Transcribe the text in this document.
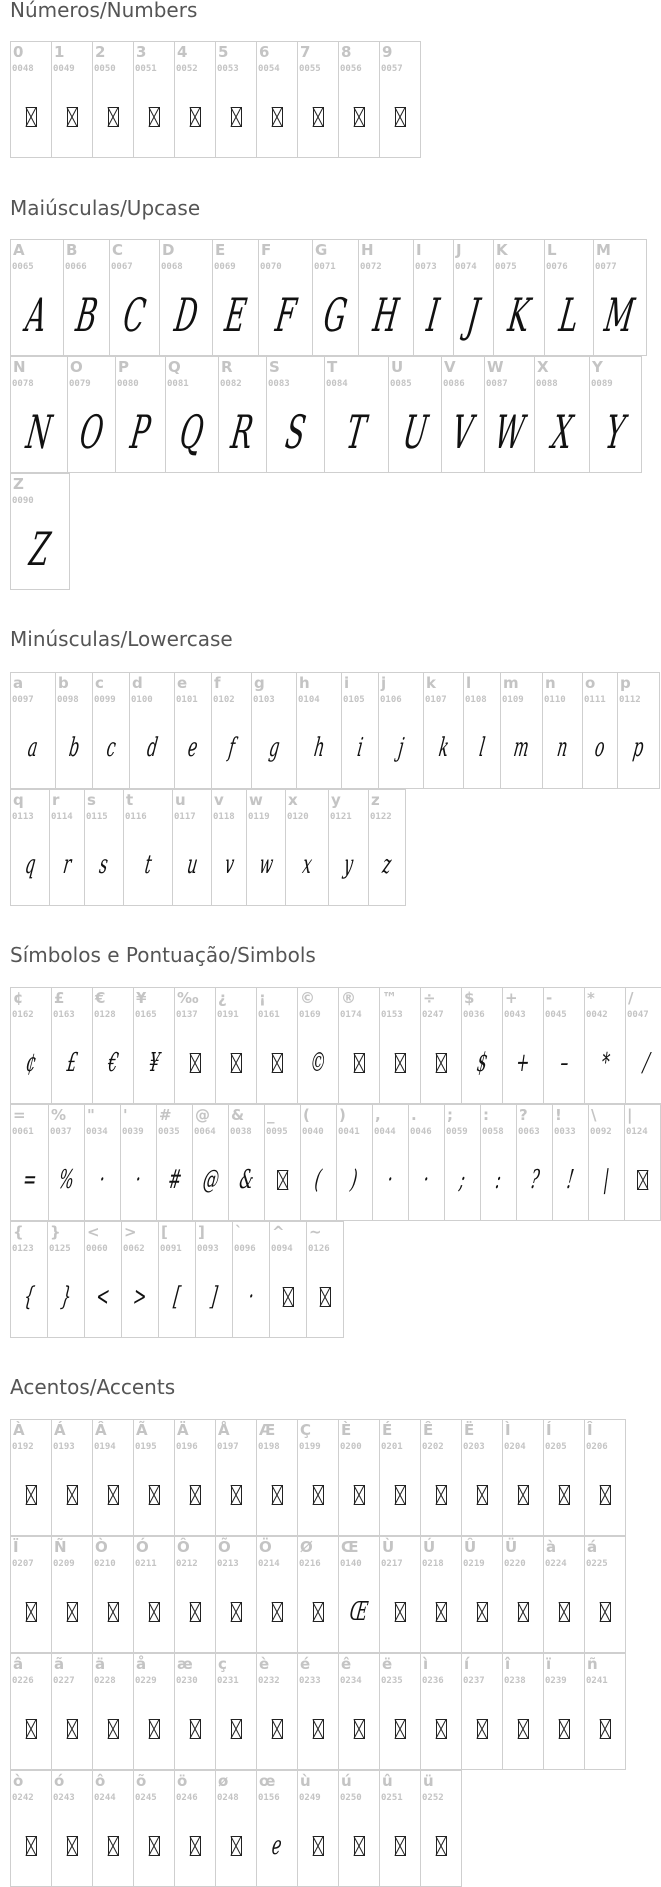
Números/Numbers
0
0048
1
0049
2
0050
3
0051
4
0052
5
0053
6
0054
7
0055
8
0056
9
0057
Maiúsculas/Upcase
A
0065
A
B
0066
B
C
0067
C
D
0068
D
E
0069
E
F
0070
F
G
0071
G
H
0072
H
I
0073
I
J
0074
J
K
0075
K
L
0076
L
M
0077
M
N
0078
N
O
0079
O
P
0080
P
Q
0081
Q
R
0082
R
S
0083
S
T
0084
T
U
0085
U
V
0086
V
W
0087
W
X
0088
X
Y
0089
Y
Z
0090
Z
Minúsculas/Lowercase
a
0097
a
b
0098
b
c
0099
c
d
0100
d
e
0101
e
f
0102
f
g
0103
g
h
0104
h
i
0105
i
j
0106
j
k
0107
k
l
0108
l
m
0109
m
n
0110
n
o
0111
o
p
0112
p
q
0113
q
r
0114
r
s
0115
s
t
0116
t
u
0117
u
v
0118
v
w
0119
w
x
0120
x
y
0121
y
z
0122
z
Símbolos e Pontuação/Simbols
¢
0162
¢
£
0163
£
€
0128
€
¥
0165
¥
‰
0137
¿
0191
¡
0161
©
0169
©
®
0174
™
0153
÷
0247
$
0036
$
+
0043
+
-
0045
–
*
0042
*
/
0047
/
=
0061
=
%
0037
%
"
0034
·
'
0039
·
#
0035
#
@
0064
@
&
0038
&
_
0095
(
0040
(
)
0041
)
,
0044
·
.
0046
·
;
0059
;
:
0058
:
?
0063
?
!
0033
!
\
0092
|
|
0124
{
0123
{
}
0125
}
<
0060
<
>
0062
>
[
0091
[
]
0093
]
`
0096
·
^
0094
~
0126
Acentos/Accents
À
0192
Á
0193
Â
0194
Ã
0195
Ä
0196
Å
0197
Æ
0198
Ç
0199
È
0200
É
0201
Ê
0202
Ë
0203
Ì
0204
Í
0205
Î
0206
Ï
0207
Ñ
0209
Ò
0210
Ó
0211
Ô
0212
Õ
0213
Ö
0214
Ø
0216
Œ
0140
Œ
Ù
0217
Ú
0218
Û
0219
Ü
0220
à
0224
á
0225
â
0226
ã
0227
ä
0228
å
0229
æ
0230
ç
0231
è
0232
é
0233
ê
0234
ë
0235
ì
0236
í
0237
î
0238
ï
0239
ñ
0241
ò
0242
ó
0243
ô
0244
õ
0245
ö
0246
ø
0248
œ
0156
e
ù
0249
ú
0250
û
0251
ü
0252
